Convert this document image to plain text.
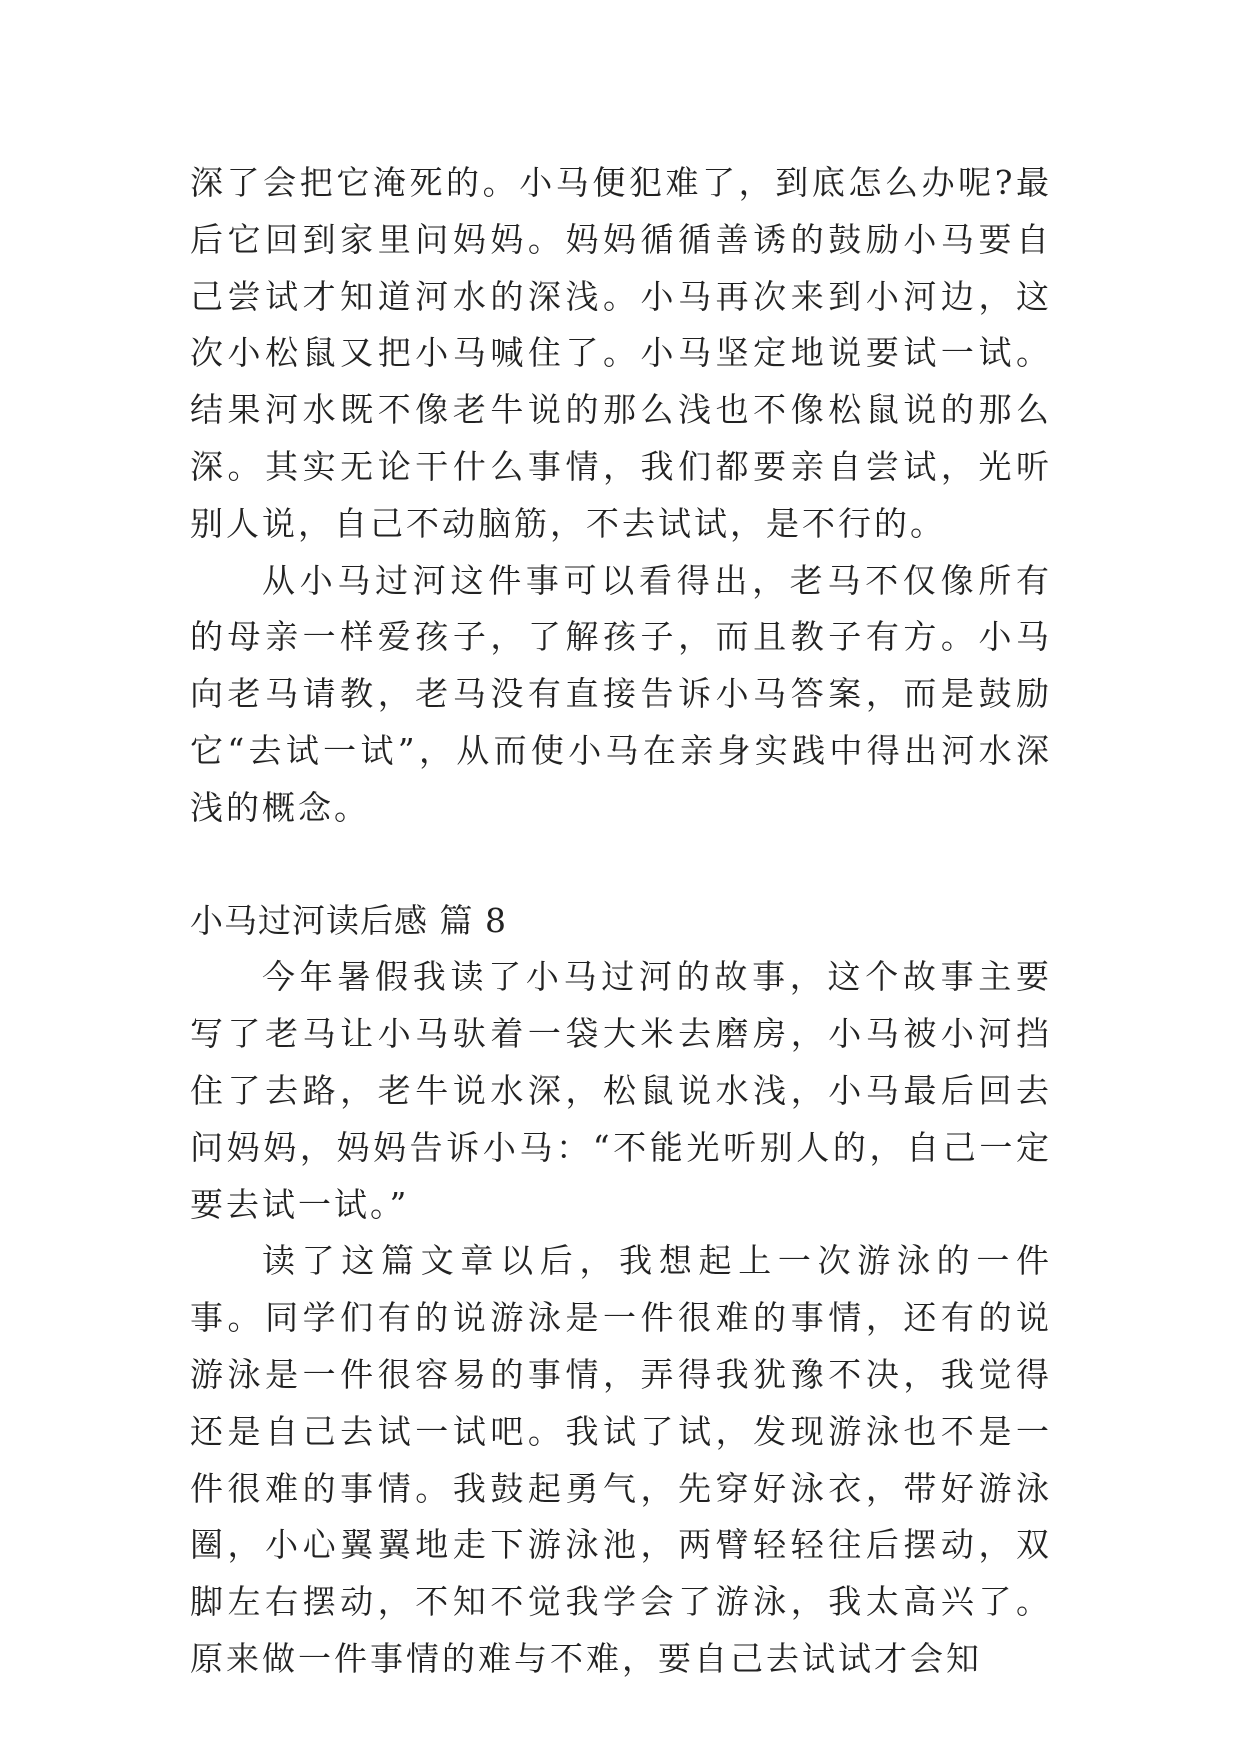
深了会把它淹死的。小马便犯难了，到底怎么办呢?最后它回到家里问妈妈。妈妈循循善诱的鼓励小马要自己尝试才知道河水的深浅。小马再次来到小河边，这次小松鼠又把小马喊住了。小马坚定地说要试一试。结果河水既不像老牛说的那么浅也不像松鼠说的那么深。其实无论干什么事情，我们都要亲自尝试，光听别人说，自己不动脑筋，不去试试，是不行的。

从小马过河这件事可以看得出，老马不仅像所有的母亲一样爱孩子，了解孩子，而且教子有方。小马向老马请教，老马没有直接告诉小马答案，而是鼓励它“去试一试”，从而使小马在亲身实践中得出河水深浅的概念。

小马过河读后感 篇 8

今年暑假我读了小马过河的故事，这个故事主要写了老马让小马驮着一袋大米去磨房，小马被小河挡住了去路，老牛说水深，松鼠说水浅，小马最后回去问妈妈，妈妈告诉小马：“不能光听别人的，自己一定要去试一试。”

读了这篇文章以后，我想起上一次游泳的一件事。同学们有的说游泳是一件很难的事情，还有的说游泳是一件很容易的事情，弄得我犹豫不决，我觉得还是自己去试一试吧。我试了试，发现游泳也不是一件很难的事情。我鼓起勇气，先穿好泳衣，带好游泳圈，小心翼翼地走下游泳池，两臂轻轻往后摆动，双脚左右摆动，不知不觉我学会了游泳，我太高兴了。原来做一件事情的难与不难，要自己去试试才会知
